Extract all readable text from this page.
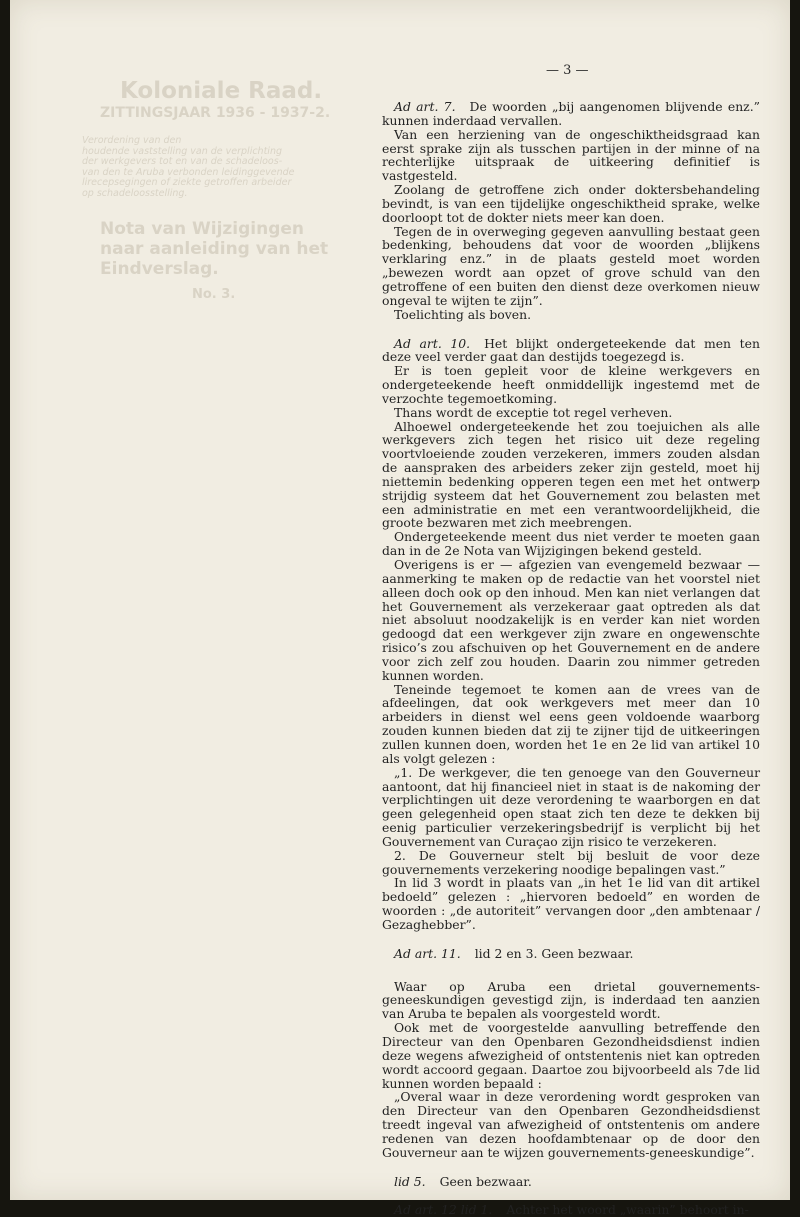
Koloniale Raad.
ZITTINGSJAAR 1936 - 1937-2.
Verordening van den
houdende vaststelling van de verplichting
der werkgevers tot en van de schadeloos-
van den te Aruba verbonden leidinggevende
lirecepsegingen of ziekte getroffen arbeider
op schadeloosstelling.
Nota van Wijzigingen naar aanleiding van het Eindverslag.
No. 3.
— 3 —

Ad art. 7. De woorden „bij aangenomen blijvende enz.” kunnen inderdaad vervallen.

Van een herziening van de ongeschiktheidsgraad kan eerst sprake zijn als tusschen partijen in der minne of na rechterlijke uitspraak de uitkeering definitief is vastgesteld.

Zoolang de getroffene zich onder doktersbehandeling bevindt, is van een tijdelijke ongeschiktheid sprake, welke doorloopt tot de dokter niets meer kan doen.

Tegen de in overweging gegeven aanvulling bestaat geen bedenking, behoudens dat voor de woorden „blijkens verklaring enz.” in de plaats gesteld moet worden „bewezen wordt aan opzet of grove schuld van den getroffene of een buiten den dienst deze overkomen nieuw ongeval te wijten te zijn”.

Toelichting als boven.

Ad art. 10. Het blijkt ondergeteekende dat men ten deze veel verder gaat dan destijds toegezegd is.

Er is toen gepleit voor de kleine werkgevers en ondergeteekende heeft onmiddellijk ingestemd met de verzochte tegemoetkoming.

Thans wordt de exceptie tot regel verheven.

Alhoewel ondergeteekende het zou toejuichen als alle werkgevers zich tegen het risico uit deze regeling voortvloeiende zouden verzekeren, immers zouden alsdan de aanspraken des arbeiders zeker zijn gesteld, moet hij niettemin bedenking opperen tegen een met het ontwerp strijdig systeem dat het Gouvernement zou belasten met een administratie en met een verantwoordelijkheid, die groote bezwaren met zich meebrengen.

Ondergeteekende meent dus niet verder te moeten gaan dan in de 2e Nota van Wijzigingen bekend gesteld.

Overigens is er — afgezien van evengemeld bezwaar — aanmerking te maken op de redactie van het voorstel niet alleen doch ook op den inhoud. Men kan niet verlangen dat het Gouvernement als verzekeraar gaat optreden als dat niet absoluut noodzakelijk is en verder kan niet worden gedoogd dat een werkgever zijn zware en ongewenschte risico’s zou afschuiven op het Gouvernement en de andere voor zich zelf zou houden. Daarin zou nimmer getreden kunnen worden.

Teneinde tegemoet te komen aan de vrees van de afdeelingen, dat ook werkgevers met meer dan 10 arbeiders in dienst wel eens geen voldoende waarborg zouden kunnen bieden dat zij te zijner tijd de uitkeeringen zullen kunnen doen, worden het 1e en 2e lid van artikel 10 als volgt gelezen :

„1. De werkgever, die ten genoege van den Gouverneur aantoont, dat hij financieel niet in staat is de nakoming der verplichtingen uit deze verordening te waarborgen en dat geen gelegenheid open staat zich ten deze te dekken bij eenig particulier verzekeringsbedrijf is verplicht bij het Gouvernement van Curaçao zijn risico te verzekeren.

2. De Gouverneur stelt bij besluit de voor deze gouvernements verzekering noodige bepalingen vast.”

In lid 3 wordt in plaats van „in het 1e lid van dit artikel bedoeld” gelezen : „hiervoren bedoeld” en worden de woorden : „de autoriteit” vervangen door „den ambtenaar / Gezaghebber”.

Ad art. 11. lid 2 en 3. Geen bezwaar.

Waar op Aruba een drietal gouvernements-geneeskundigen gevestigd zijn, is inderdaad ten aanzien van Aruba te bepalen als voorgesteld wordt.

Ook met de voorgestelde aanvulling betreffende den Directeur van den Openbaren Gezondheidsdienst indien deze wegens afwezigheid of ontstentenis niet kan optreden wordt accoord gegaan. Daartoe zou bijvoorbeeld als 7de lid kunnen worden bepaald :

„Overal waar in deze verordening wordt gesproken van den Directeur van den Openbaren Gezondheidsdienst treedt ingeval van afwezigheid of ontstentenis om andere redenen van dezen hoofdambtenaar op de door den Gouverneur aan te wijzen gouvernements-geneeskundige”.

lid 5. Geen bezwaar.

Ad art. 12 lid 1. Achter het woord „waarin” behoort in-
